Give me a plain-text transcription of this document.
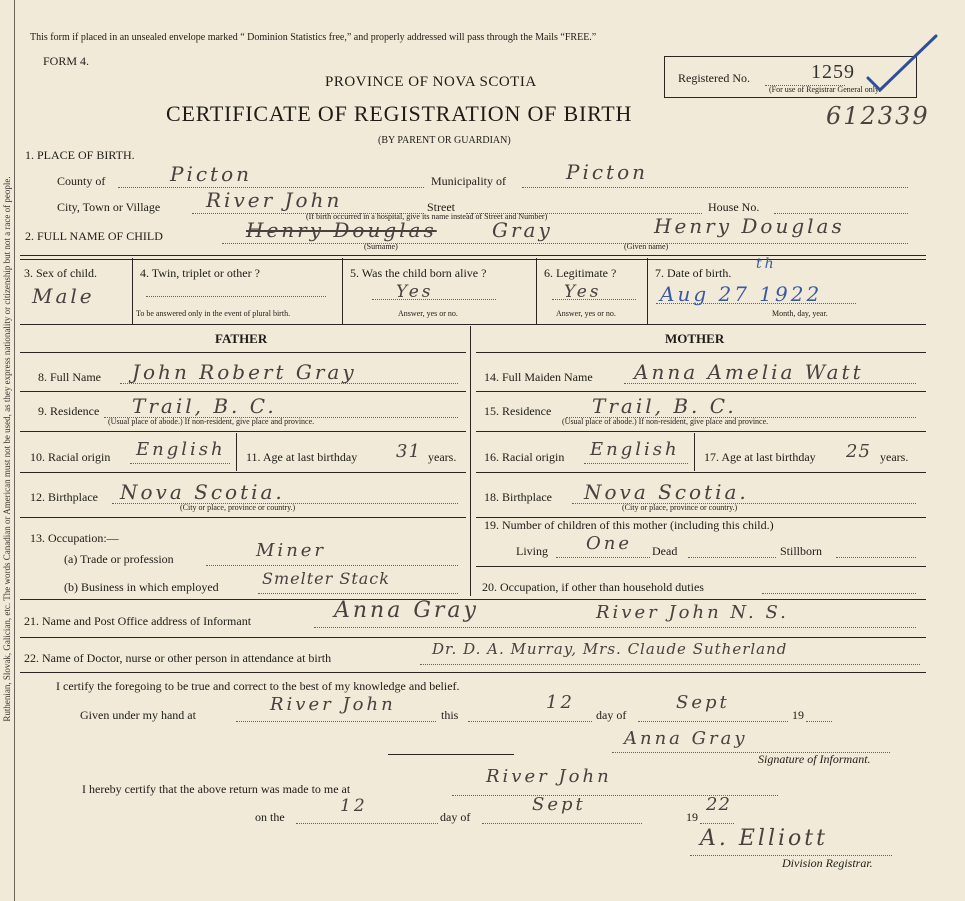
Ruthenian, Slovak, Galician, etc. The words Canadian or American must not be used, as they express nationality or citizenship but not a race of people.
This form if placed in an unsealed envelope marked “ Dominion Statistics free,” and properly addressed will pass through the Mails “FREE.”
FORM 4.
PROVINCE OF NOVA SCOTIA
CERTIFICATE OF REGISTRATION OF BIRTH
(BY PARENT OR GUARDIAN)
Registered No.	1259
(For use of Registrar General only.
612339
1. PLACE OF BIRTH.
County of	Picton	Municipality of	Picton
City, Town or Village River John	Street	House No.
(If birth occurred in a hospital, give its name instead of Street and Number)
2. FULL NAME OF CHILD	Henry Douglas	Gray	Henry Douglas
(Surname)	(Given name)
3. Sex of child.
Male
4. Twin, triplet or other ?
To be answered only in the event of plural birth.
5. Was the child born alive ?
Yes
Answer, yes or no.
6. Legitimate ?
Yes
Answer, yes or no.
7. Date of birth.
th
Aug 27 1922
Month, day, year.
FATHER	MOTHER
8. Full Name John Robert Gray
9. Residence Trail, B. C.
(Usual place of abode.) If non-resident, give place and province.
10. Racial origin English 11. Age at last birthday 31 years.
12. Birthplace Nova Scotia.
(City or place, province or country.)
13. Occupation:—
(a) Trade or profession	Miner
(b) Business in which employed	Smelter Stack
14. Full Maiden Name Anna Amelia Watt
15. Residence Trail, B. C.
(Usual place of abode.) If non-resident, give place and province.
16. Racial origin English 17. Age at last birthday 25 years.
18. Birthplace Nova Scotia.
(City or place, province or country.)
19. Number of children of this mother (including this child.)
Living One Dead	Stillborn
20. Occupation, if other than household duties
21. Name and Post Office address of Informant	Anna Gray	River John N. S.
22. Name of Doctor, nurse or other person in attendance at birth	Dr. D. A. Murray, Mrs. Claude Sutherland
I certify the foregoing to be true and correct to the best of my knowledge and belief.
Given under my hand at	River John	this
12
day of
Sept
19
Anna Gray
Signature of Informant.
I hereby certify that the above return was made to me at
River John
on the
12
day of
Sept
19
22
A. Elliott
Division Registrar.
